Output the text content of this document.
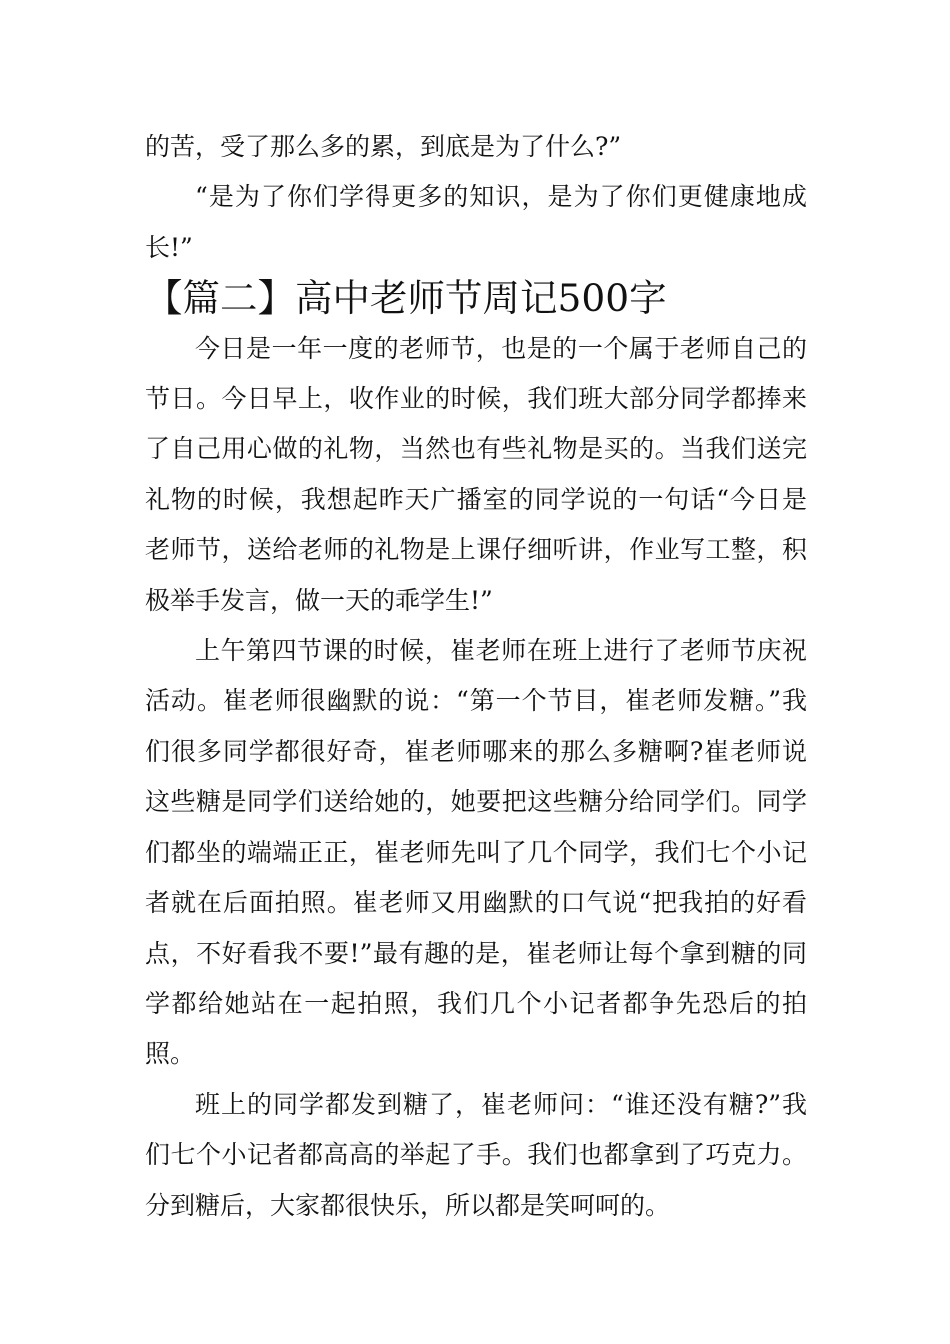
的苦，受了那么多的累，到底是为了什么?”

“是为了你们学得更多的知识，是为了你们更健康地成长!”

【篇二】高中老师节周记500字

今日是一年一度的老师节，也是的一个属于老师自己的节日。今日早上，收作业的时候，我们班大部分同学都捧来了自己用心做的礼物，当然也有些礼物是买的。当我们送完礼物的时候，我想起昨天广播室的同学说的一句话“今日是老师节，送给老师的礼物是上课仔细听讲，作业写工整，积极举手发言，做一天的乖学生!”

上午第四节课的时候，崔老师在班上进行了老师节庆祝活动。崔老师很幽默的说：“第一个节目，崔老师发糖。”我们很多同学都很好奇，崔老师哪来的那么多糖啊?崔老师说这些糖是同学们送给她的，她要把这些糖分给同学们。同学们都坐的端端正正，崔老师先叫了几个同学，我们七个小记者就在后面拍照。崔老师又用幽默的口气说“把我拍的好看点，不好看我不要!”最有趣的是，崔老师让每个拿到糖的同学都给她站在一起拍照，我们几个小记者都争先恐后的拍照。

班上的同学都发到糖了，崔老师问：“谁还没有糖?”我们七个小记者都高高的举起了手。我们也都拿到了巧克力。分到糖后，大家都很快乐，所以都是笑呵呵的。
